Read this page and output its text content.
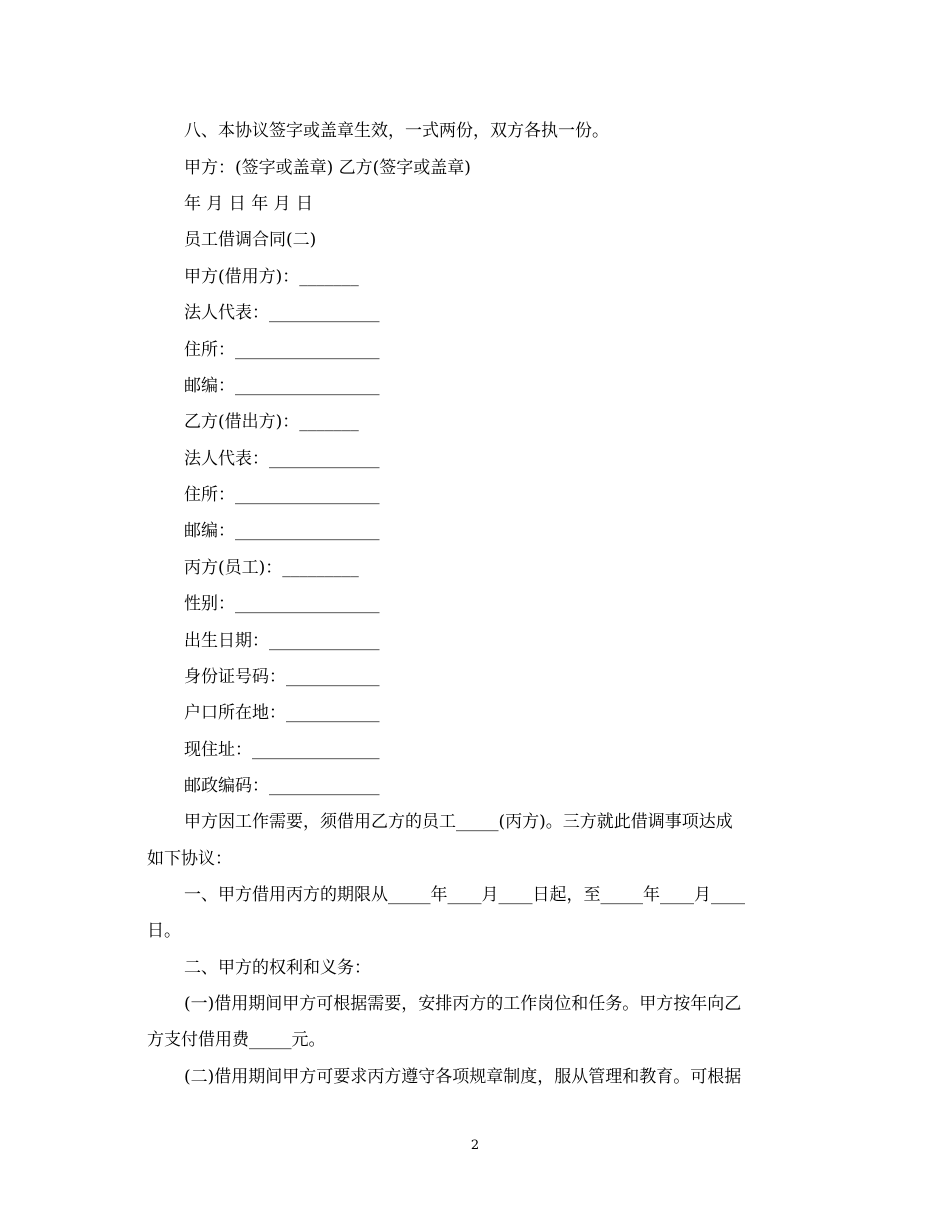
八、本协议签字或盖章生效，一式两份，双方各执一份。
甲方：(签字或盖章) 乙方(签字或盖章)
年 月 日 年 月 日
员工借调合同(二)
甲方(借用方)：_______
法人代表：_____________
住所：_________________
邮编：_________________
乙方(借出方)：_______
法人代表：_____________
住所：_________________
邮编：_________________
丙方(员工)：_________
性别：_________________
出生日期：_____________
身份证号码：___________
户口所在地：___________
现住址：_______________
邮政编码：_____________
甲方因工作需要，须借用乙方的员工_____(丙方)。三方就此借调事项达成
如下协议：
一、甲方借用丙方的期限从_____年____月____日起，至_____年____月____
日。
二、甲方的权利和义务：
(一)借用期间甲方可根据需要，安排丙方的工作岗位和任务。甲方按年向乙
方支付借用费_____元。
(二)借用期间甲方可要求丙方遵守各项规章制度，服从管理和教育。可根据
2
